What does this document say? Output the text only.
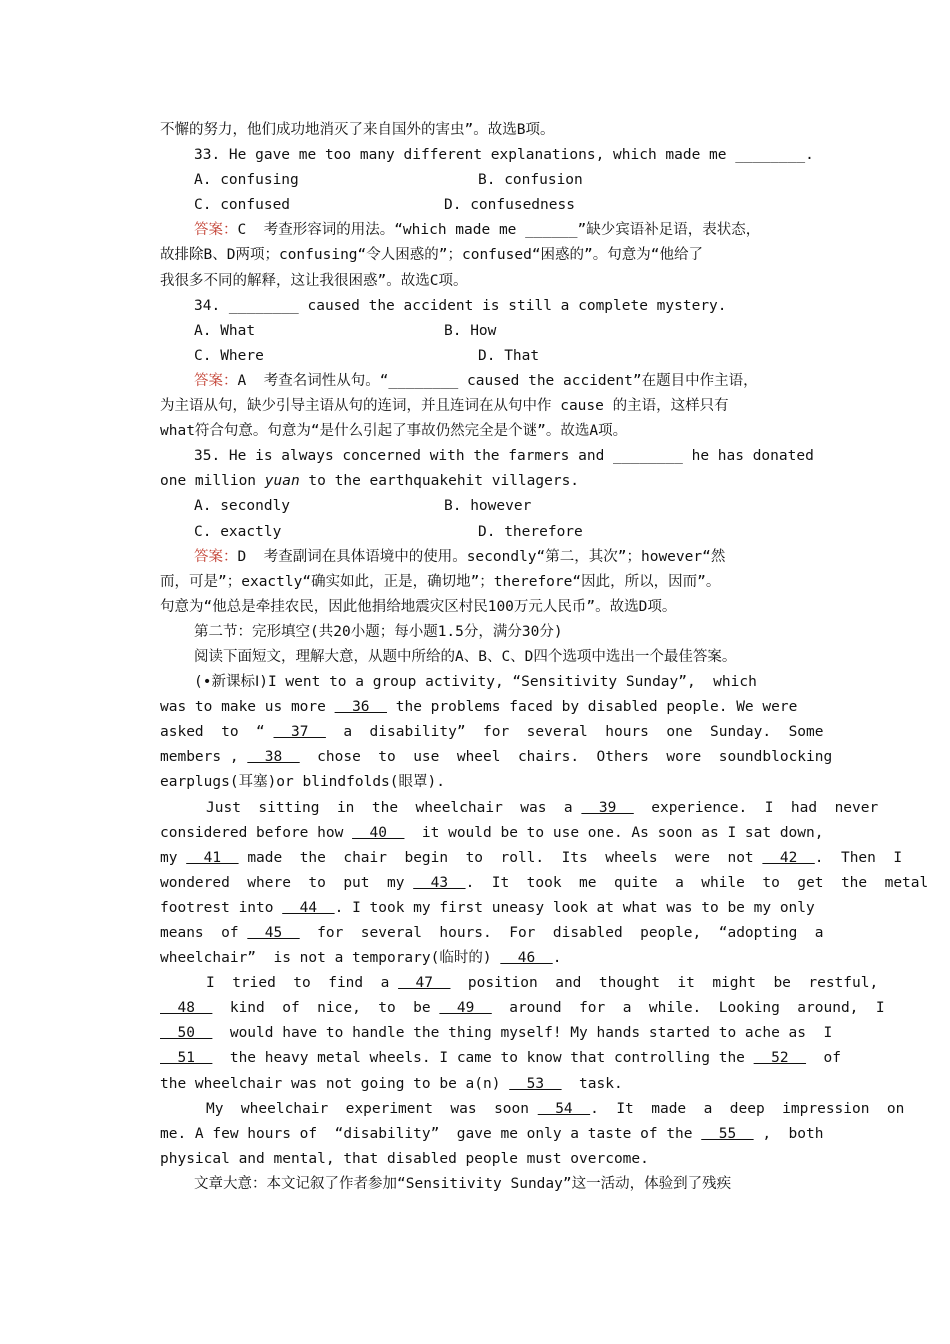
不懈的努力，他们成功地消灭了来自国外的害虫”。故选B项。
33. He gave me too many different explanations, which made me ________.

A. confusing

	B. confusion

C. confused

	D. confusedness

答案：C  考查形容词的用法。“which made me ______”缺少宾语补足语，表状态，
故排除B、D两项；confusing“令人困惑的”；confused“困惑的”。句意为“他给了
我很多不同的解释，这让我很困惑”。故选C项。
34. ________ caused the accident is still a complete mystery.

A. What

	B. How

C. Where

	D. That

答案：A  考查名词性从句。“________ caused the accident”在题目中作主语，
为主语从句，缺少引导主语从句的连词，并且连词在从句中作 cause 的主语，这样只有
what符合句意。句意为“是什么引起了事故仍然完全是个谜”。故选A项。
35. He is always concerned with the farmers and ________ he has donated
one million yuan to the earthquakehit villagers.

A. secondly

	B. however

C. exactly

	D. therefore

答案：D  考查副词在具体语境中的使用。secondly“第二，其次”；however“然
而，可是”；exactly“确实如此，正是，确切地”；therefore“因此，所以，因而”。
句意为“他总是牵挂农民，因此他捐给地震灾区村民100万元人民币”。故选D项。
第二节：完形填空(共20小题；每小题1.5分，满分30分)
阅读下面短文，理解大意，从题中所给的A、B、C、D四个选项中选出一个最佳答案。
(•新课标Ⅰ)I went to a group activity, “Sensitivity Sunday”,  which
was to make us more   36   the problems faced by disabled people. We were
asked  to  “   37    a  disability”  for  several  hours  one  Sunday.  Some
members ,   38    chose  to  use  wheel  chairs.  Others  wore  soundblocking
earplugs(耳塞)or blindfolds(眼罩).
Just  sitting  in  the  wheelchair  was  a   39    experience.  I  had  never
considered before how   40    it would be to use one. As soon as I sat down,
my   41   made  the  chair  begin  to  roll.  Its  wheels  were  not   42  .  Then  I
wondered  where  to  put  my   43  .  It  took  me  quite  a  while  to  get  the  metal
footrest into   44  . I took my first uneasy look at what was to be my only
means  of   45    for  several  hours.  For  disabled  people,  “adopting  a
wheelchair”  is not a temporary(临时的)   46  .
I  tried  to  find  a   47    position  and  thought  it  might  be  restful,
48    kind  of  nice,  to  be   49    around  for  a  while.  Looking  around,  I
50    would have to handle the thing myself! My hands started to ache as  I
51    the heavy metal wheels. I came to know that controlling the   52    of
the wheelchair was not going to be a(n)   53    task.
My  wheelchair  experiment  was  soon   54  .  It  made  a  deep  impression  on
me. A few hours of  “disability”  gave me only a taste of the   55   ,  both
physical and mental, that disabled people must overcome.
文章大意：本文记叙了作者参加“Sensitivity Sunday”这一活动，体验到了残疾
